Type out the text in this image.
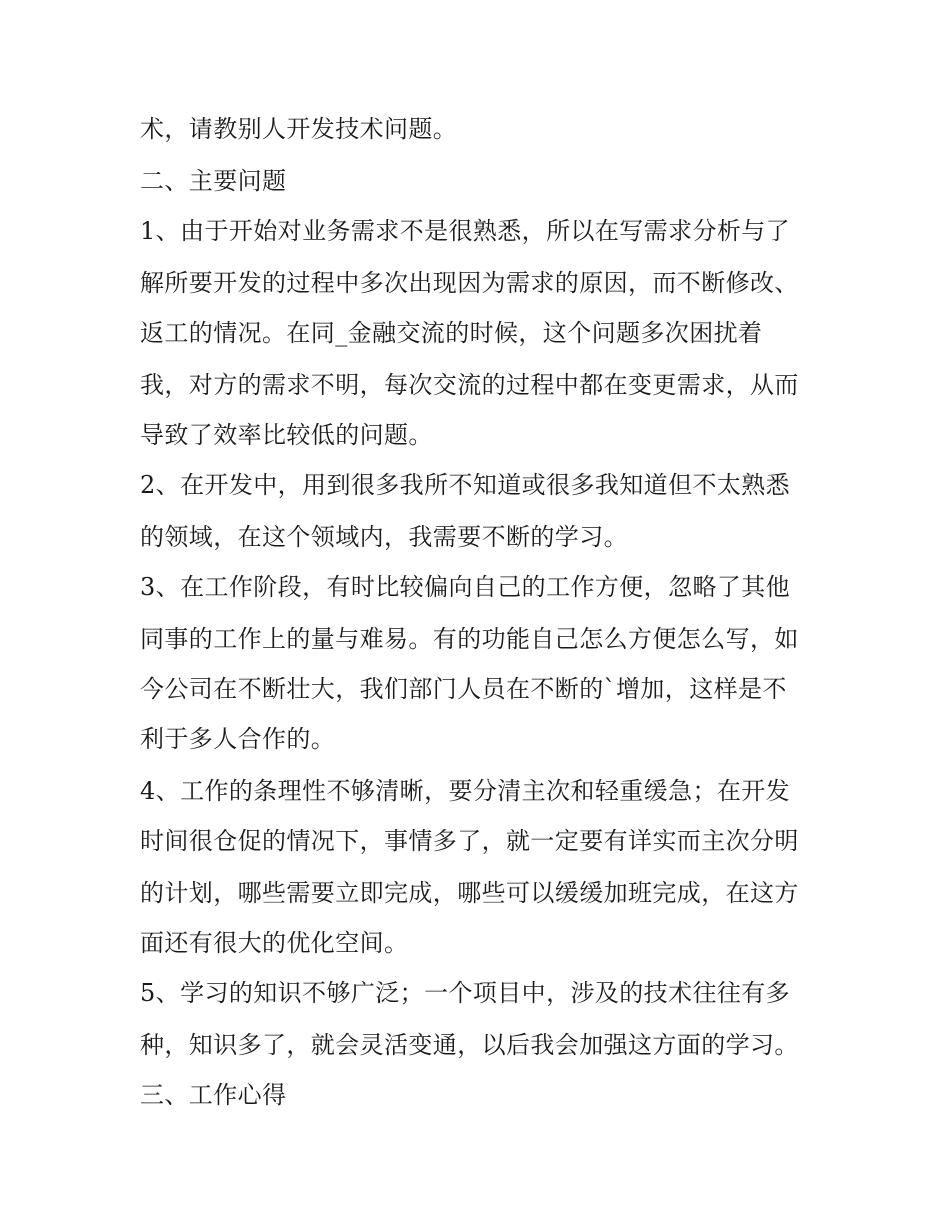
术，请教别人开发技术问题。
二、主要问题
1、由于开始对业务需求不是很熟悉，所以在写需求分析与了
解所要开发的过程中多次出现因为需求的原因，而不断修改、
返工的情况。在同_金融交流的时候，这个问题多次困扰着
我，对方的需求不明，每次交流的过程中都在变更需求，从而
导致了效率比较低的问题。
2、在开发中，用到很多我所不知道或很多我知道但不太熟悉
的领域，在这个领域内，我需要不断的学习。
3、在工作阶段，有时比较偏向自己的工作方便，忽略了其他
同事的工作上的量与难易。有的功能自己怎么方便怎么写，如
今公司在不断壮大，我们部门人员在不断的`增加，这样是不
利于多人合作的。
4、工作的条理性不够清晰，要分清主次和轻重缓急；在开发
时间很仓促的情况下，事情多了，就一定要有详实而主次分明
的计划，哪些需要立即完成，哪些可以缓缓加班完成，在这方
面还有很大的优化空间。
5、学习的知识不够广泛；一个项目中，涉及的技术往往有多
种，知识多了，就会灵活变通，以后我会加强这方面的学习。
三、工作心得
